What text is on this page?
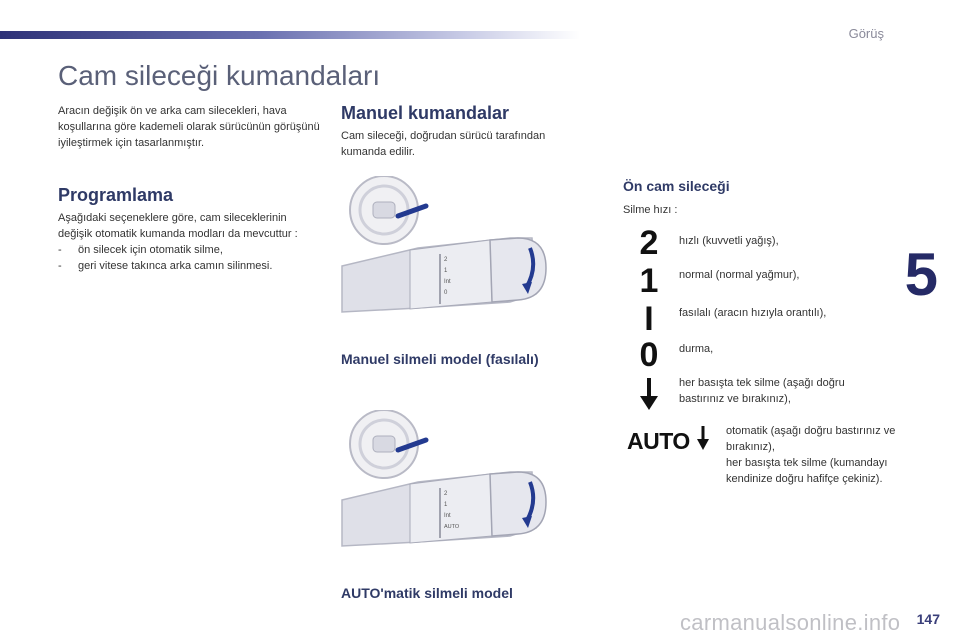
Görüş
Cam sileceği kumandaları

Aracın değişik ön ve arka cam silecekleri, hava koşullarına göre kademeli olarak sürücünün görüşünü iyileştirmek için tasarlanmıştır.

Programlama

Aşağıdaki seçeneklere göre, cam sileceklerinin değişik otomatik kumanda modları da mevcuttur :

- ön silecek için otomatik silme,
- geri vitese takınca arka camın silinmesi.
Manuel kumandalar

Cam sileceği, doğrudan sürücü tarafından kumanda edilir.

2
1
Int
0
Manuel silmeli model (fasılalı)
2
1
Int
AUTO
AUTO'matik silmeli model
Ön cam sileceği
Silme hızı :
2	hızlı (kuvvetli yağış),
1	normal (normal yağmur),
I	fasılalı (aracın hızıyla orantılı),
0	durma,
her basışta tek silme (aşağı doğru bastırınız ve bırakınız),
AUTO	otomatik (aşağı doğru bastırınız ve bırakınız),
her basışta tek silme (kumandayı kendinize doğru hafifçe çekiniz).
5
carmanualsonline.info 147
